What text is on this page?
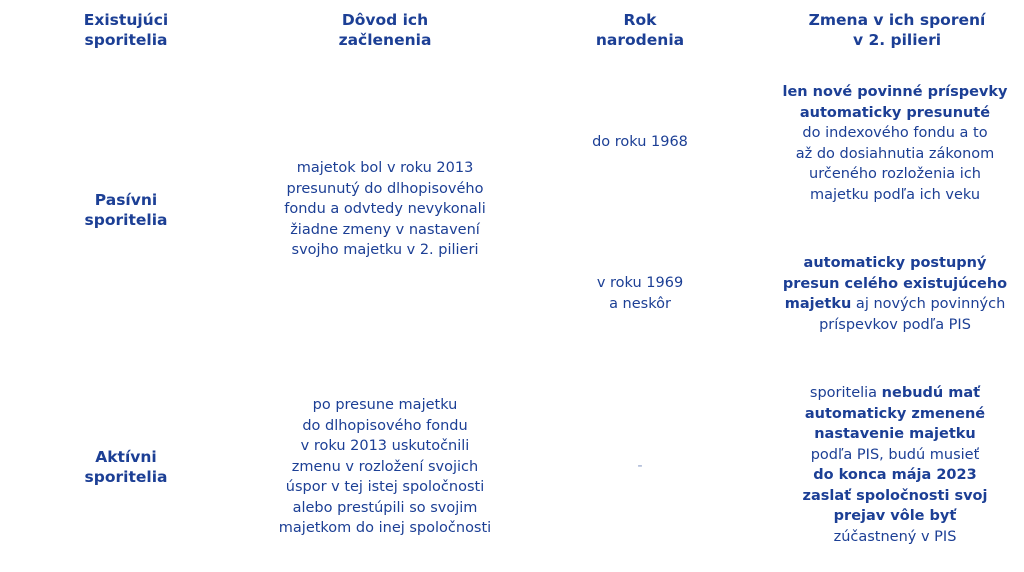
Existujúci
sporitelia
Dôvod ich
začlenenia
Rok
narodenia
Zmena v ich sporení
v 2. pilieri
Pasívni
sporitelia
majetok bol v roku 2013
presunutý do dlhopisového
fondu a odvtedy nevykonali
žiadne zmeny v nastavení
svojho majetku v 2. pilieri
do roku 1968
v roku 1969
a neskôr
len nové povinné príspevky
automaticky presunuté
do indexového fondu a to
až do dosiahnutia zákonom
určeného rozloženia ich
majetku podľa ich veku
automaticky postupný
presun celého existujúceho
majetku aj nových povinných
príspevkov podľa PIS
Aktívni
sporitelia
po presune majetku
do dlhopisového fondu
v roku 2013 uskutočnili
zmenu v rozložení svojich
úspor v tej istej spoločnosti
alebo prestúpili so svojim
majetkom do inej spoločnosti
-
sporitelia nebudú mať
automaticky zmenené
nastavenie majetku
podľa PIS, budú musieť
do konca mája 2023
zaslať spoločnosti svoj
prejav vôle byť
zúčastnený v PIS
